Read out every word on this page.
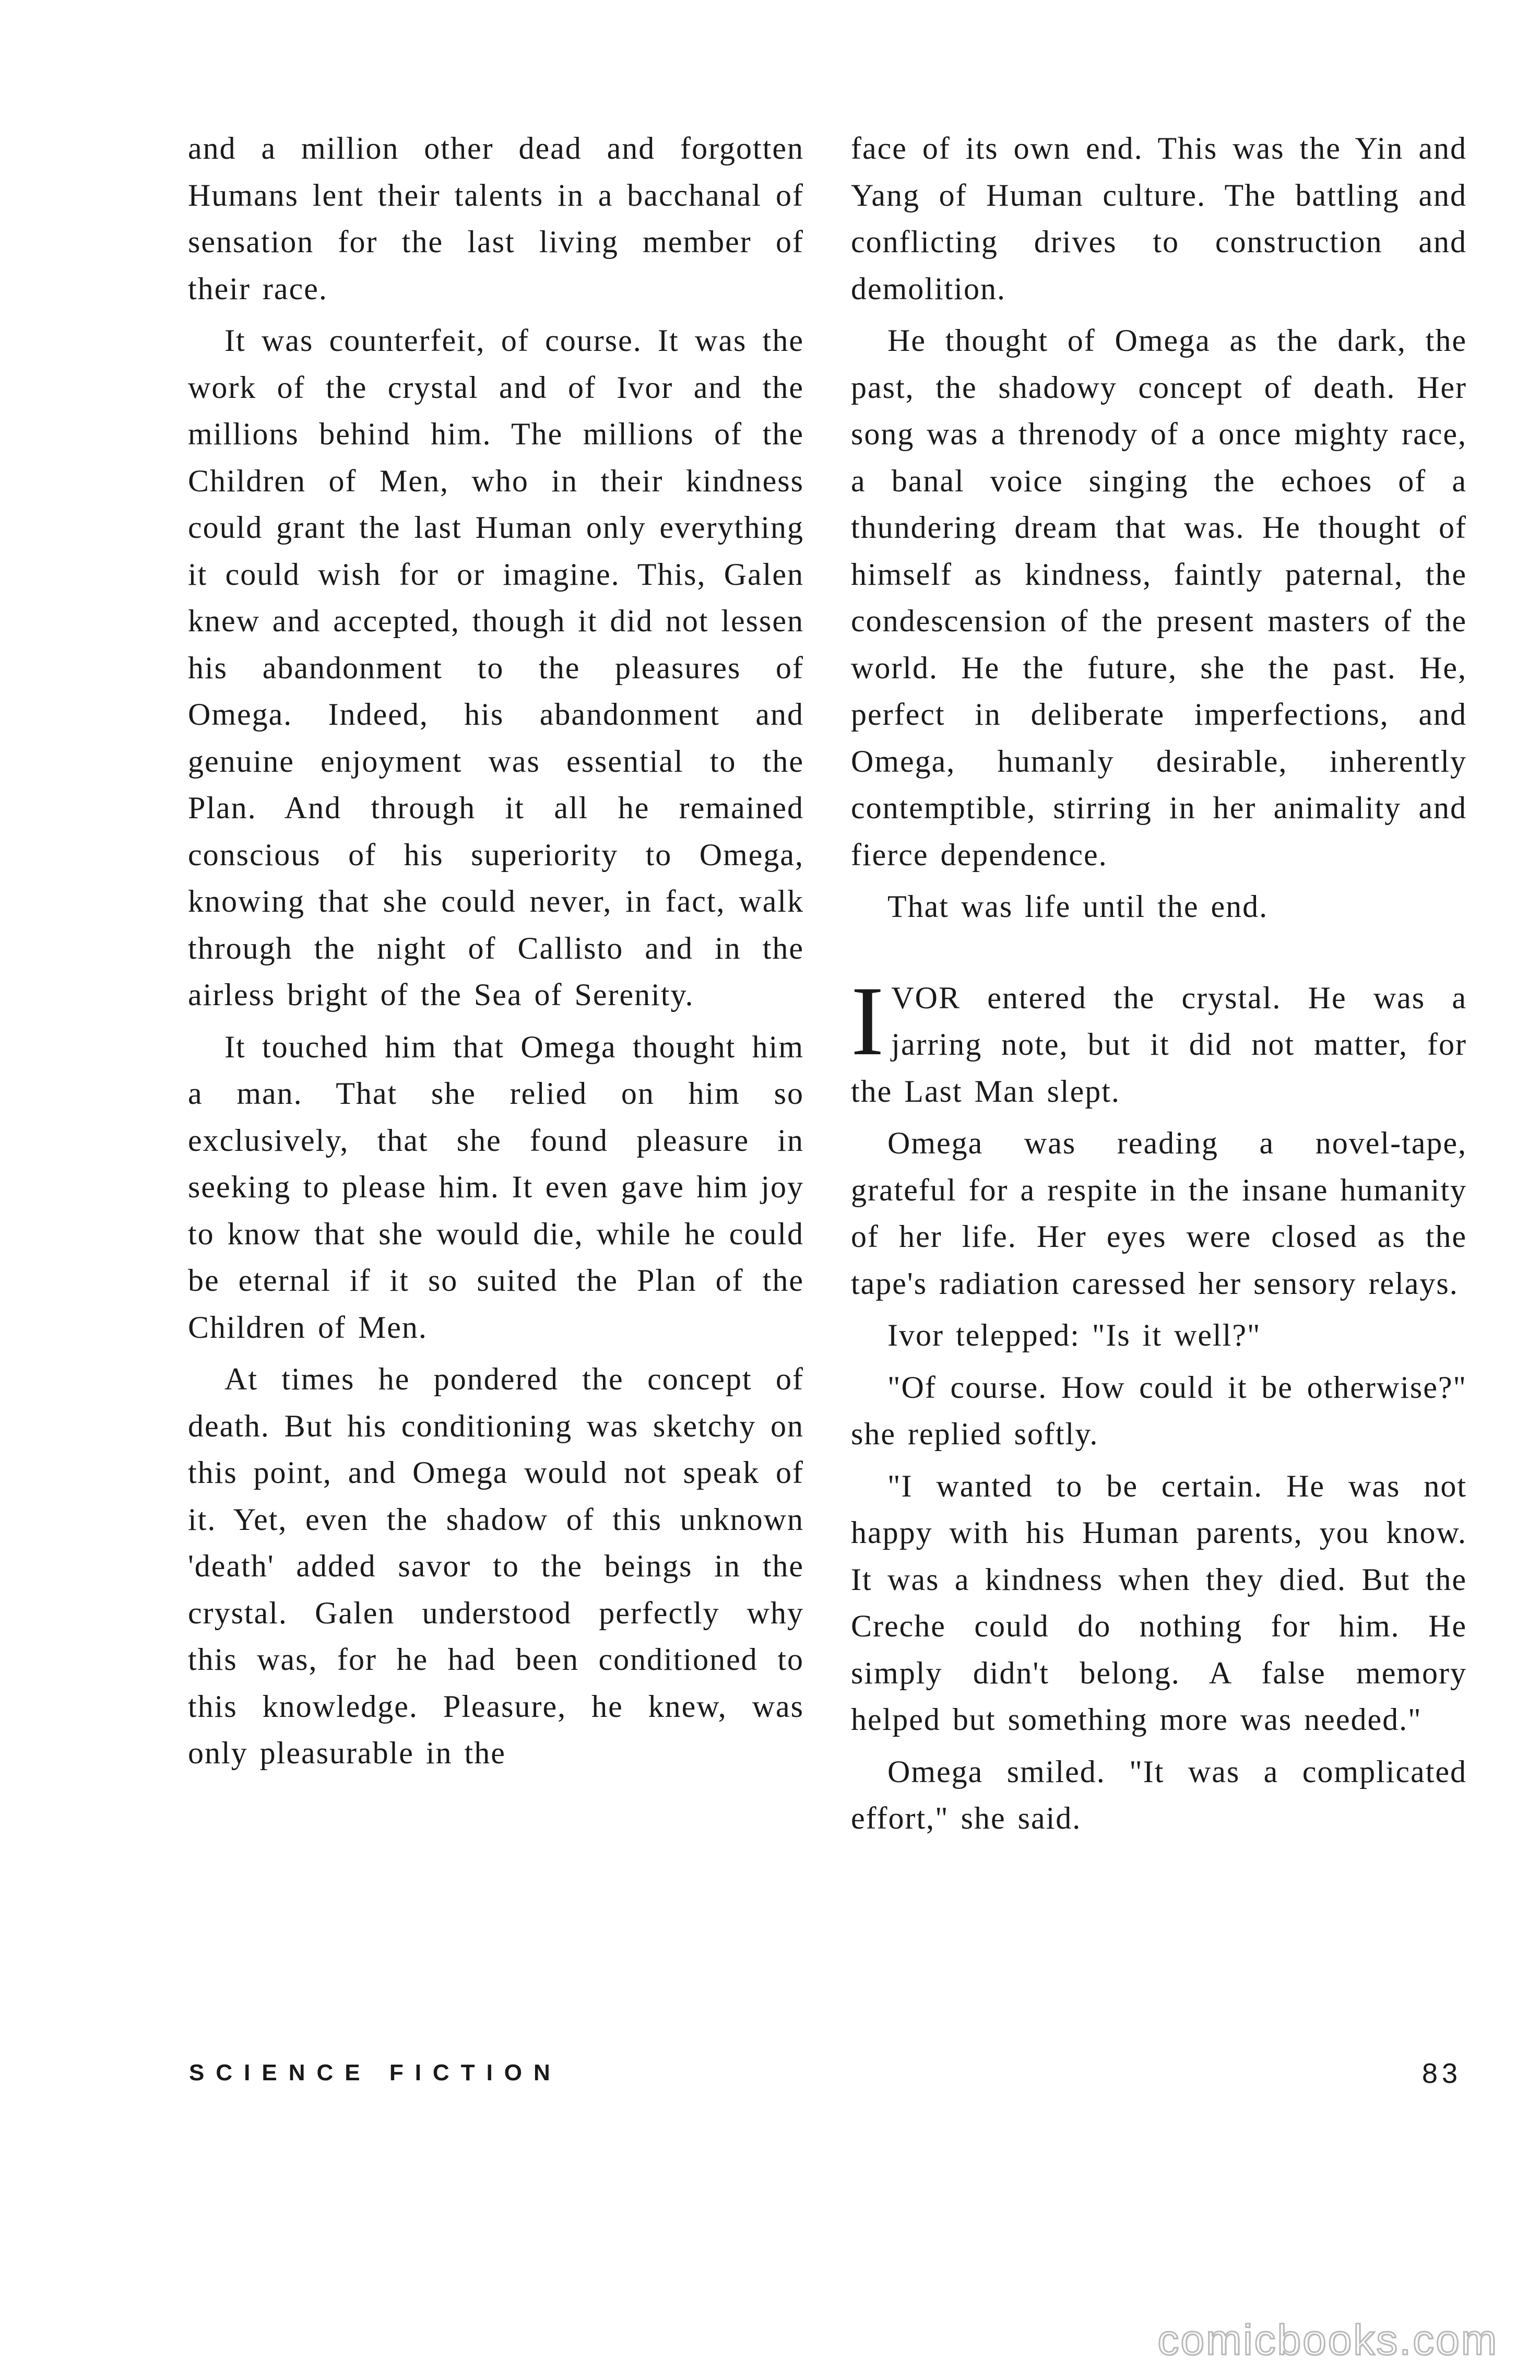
and a million other dead and forgotten Humans lent their talents in a bacchanal of sensation for the last living member of their race.

It was counterfeit, of course. It was the work of the crystal and of Ivor and the millions behind him. The millions of the Children of Men, who in their kindness could grant the last Human only everything it could wish for or imagine. This, Galen knew and accepted, though it did not lessen his abandonment to the pleasures of Omega. Indeed, his abandonment and genuine enjoyment was essential to the Plan. And through it all he remained conscious of his superiority to Omega, knowing that she could never, in fact, walk through the night of Callisto and in the airless bright of the Sea of Serenity.

It touched him that Omega thought him a man. That she relied on him so exclusively, that she found pleasure in seeking to please him. It even gave him joy to know that she would die, while he could be eternal if it so suited the Plan of the Children of Men.

At times he pondered the concept of death. But his conditioning was sketchy on this point, and Omega would not speak of it. Yet, even the shadow of this unknown 'death' added savor to the beings in the crystal. Galen understood perfectly why this was, for he had been conditioned to this knowledge. Pleasure, he knew, was only pleasurable in the

face of its own end. This was the Yin and Yang of Human culture. The battling and conflicting drives to construction and demolition.

He thought of Omega as the dark, the past, the shadowy concept of death. Her song was a threnody of a once mighty race, a banal voice singing the echoes of a thundering dream that was. He thought of himself as kindness, faintly paternal, the condescension of the present masters of the world. He the future, she the past. He, perfect in deliberate imperfections, and Omega, humanly desirable, inherently contemptible, stirring in her animality and fierce dependence.

That was life until the end.

IVOR entered the crystal. He was a jarring note, but it did not matter, for the Last Man slept.

Omega was reading a novel-tape, grateful for a respite in the insane humanity of her life. Her eyes were closed as the tape's radiation caressed her sensory relays.

Ivor telepped: "Is it well?"

"Of course. How could it be otherwise?" she replied softly.

"I wanted to be certain. He was not happy with his Human parents, you know. It was a kindness when they died. But the Creche could do nothing for him. He simply didn't belong. A false memory helped but something more was needed."

Omega smiled. "It was a complicated effort," she said.

SCIENCE FICTION	83
comicbooks.com
